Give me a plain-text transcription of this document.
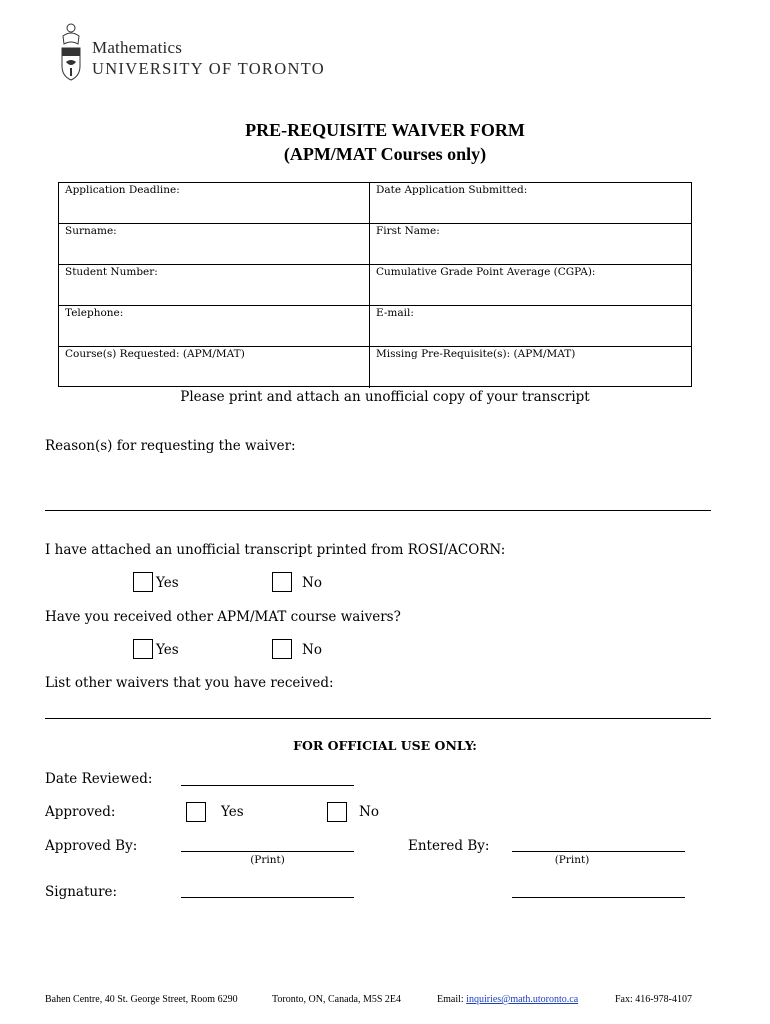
Mathematics
UNIVERSITY OF TORONTO
PRE-REQUISITE WAIVER FORM
(APM/MAT Courses only)
Application Deadline:	Date Application Submitted:
Surname:	First Name:
Student Number:	Cumulative Grade Point Average (CGPA):
Telephone:	E-mail:
Course(s) Requested: (APM/MAT)	Missing Pre-Requisite(s): (APM/MAT)
Please print and attach an unofficial copy of your transcript
Reason(s) for requesting the waiver:
I have attached an unofficial transcript printed from ROSI/ACORN:
Yes	No
Have you received other APM/MAT course waivers?
Yes	No
List other waivers that you have received:
FOR OFFICIAL USE ONLY:
Date Reviewed:
Approved:	Yes	No
Approved By:
(Print)
Entered By:
(Print)
Signature:
Bahen Centre, 40 St. George Street, Room 6290	Toronto, ON, Canada, M5S 2E4	Email: inquiries@math.utoronto.ca	Fax: 416-978-4107
